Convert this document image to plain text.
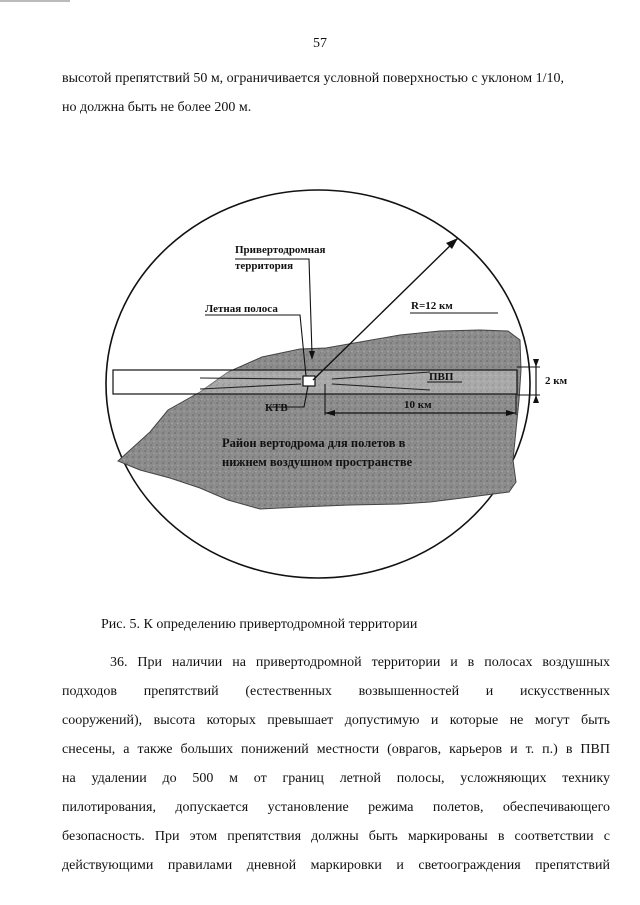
57
высотой препятствий 50 м, ограничивается условной поверхностью с уклоном 1/10,
но должна быть не более 200 м.
Привертодромная
территория
Летная полоса	R=12 км
ПВП
КТВ	10 км
2 км
Район вертодрома для полетов в
нижнем воздушном пространстве
Рис. 5. К определению привертодромной территории
36. При наличии на привертодромной территории и в полосах воздушных
подходов препятствий (естественных возвышенностей и искусственных
сооружений), высота которых превышает допустимую и которые не могут быть
снесены, а также больших понижений местности (оврагов, карьеров и т. п.) в ПВП
на удалении до 500 м от границ летной полосы, усложняющих технику
пилотирования, допускается установление режима полетов, обеспечивающего
безопасность. При этом препятствия должны быть маркированы в соответствии с
действующими правилами дневной маркировки и светоограждения препятствий
